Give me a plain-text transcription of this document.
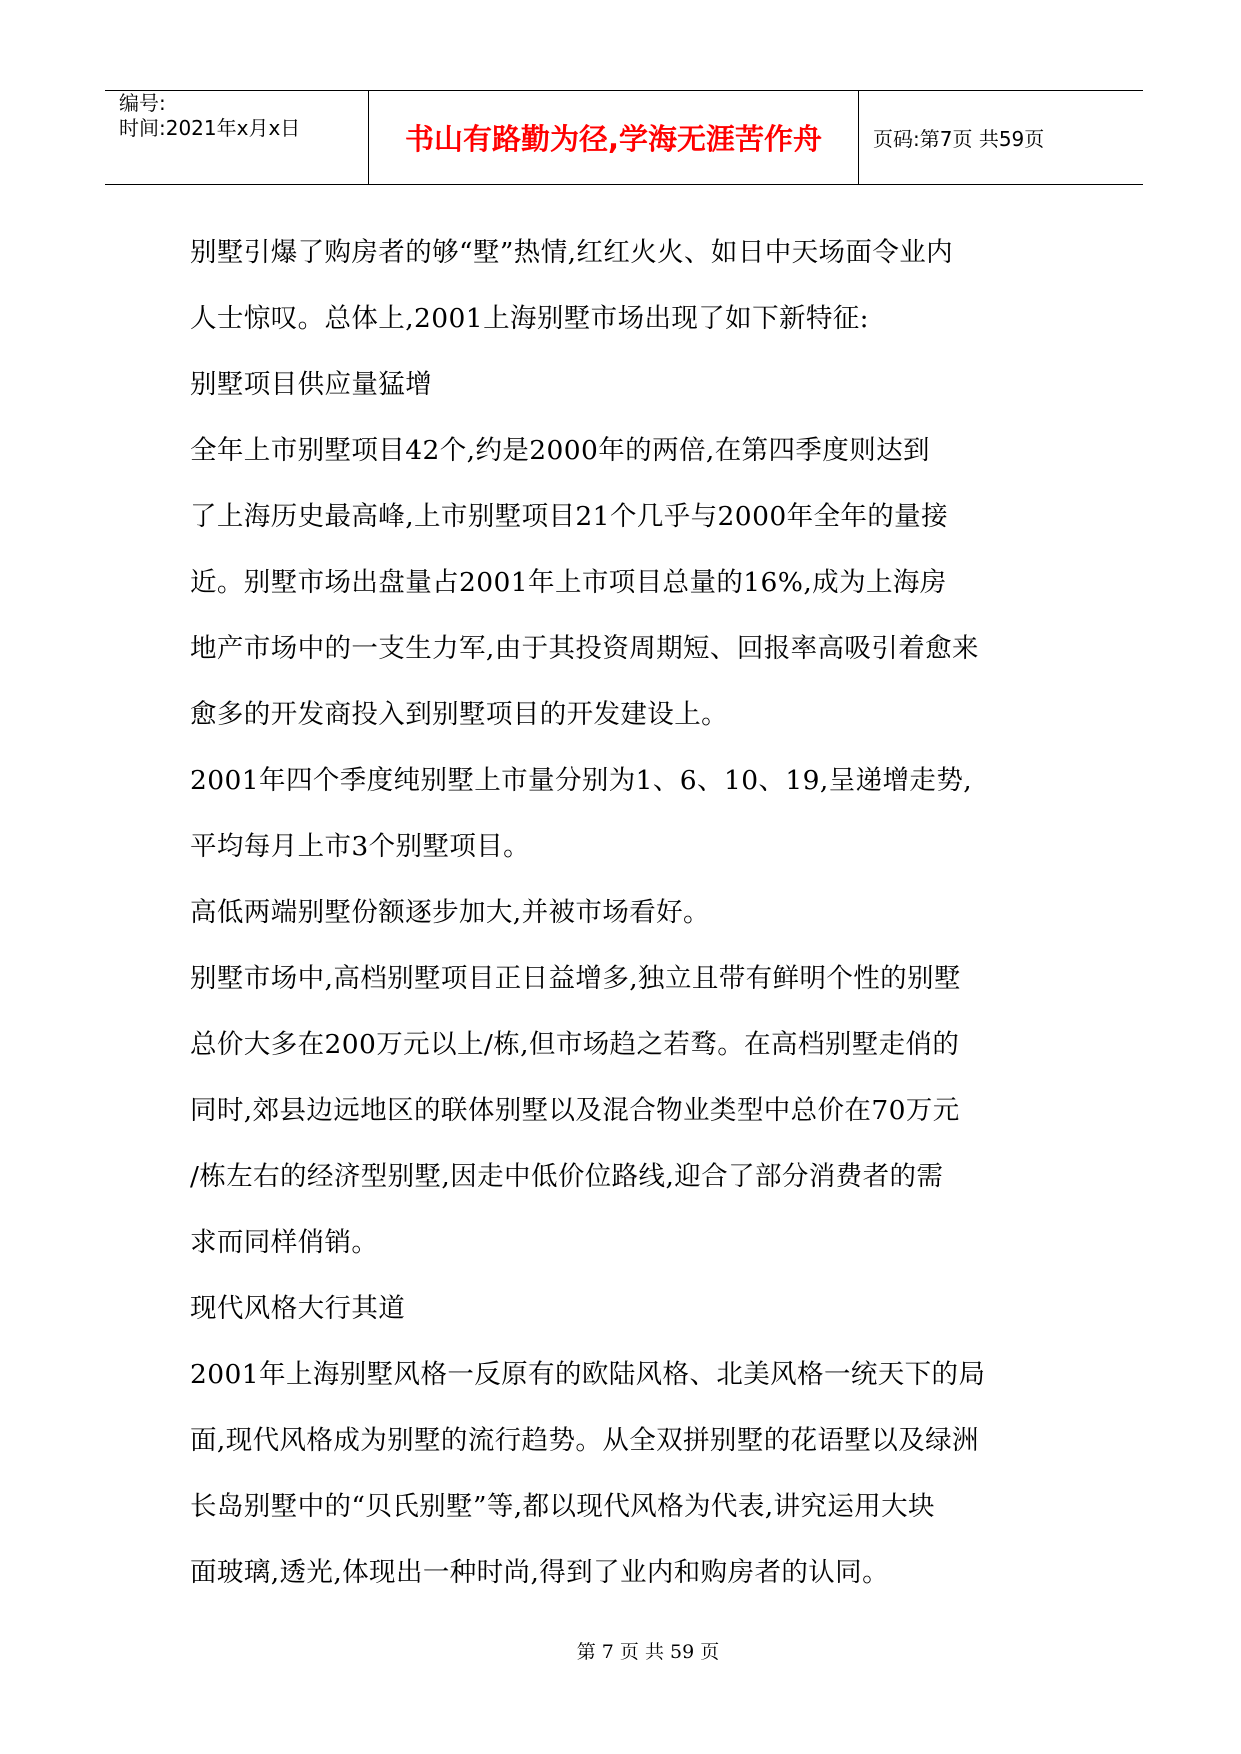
编号:
时间:2021年x月x日	书山有路勤为径,学海无涯苦作舟	页码:第7页 共59页

别墅引爆了购房者的够“墅”热情,红红火火、如日中天场面令业内

人士惊叹。总体上,2001上海别墅市场出现了如下新特征:

别墅项目供应量猛增

全年上市别墅项目42个,约是2000年的两倍,在第四季度则达到

了上海历史最高峰,上市别墅项目21个几乎与2000年全年的量接

近。别墅市场出盘量占2001年上市项目总量的16%,成为上海房

地产市场中的一支生力军,由于其投资周期短、回报率高吸引着愈来

愈多的开发商投入到别墅项目的开发建设上。

2001年四个季度纯别墅上市量分别为1、6、10、19,呈递增走势,

平均每月上市3个别墅项目。

高低两端别墅份额逐步加大,并被市场看好。

别墅市场中,高档别墅项目正日益增多,独立且带有鲜明个性的别墅

总价大多在200万元以上/栋,但市场趋之若骛。在高档别墅走俏的

同时,郊县边远地区的联体别墅以及混合物业类型中总价在70万元

/栋左右的经济型别墅,因走中低价位路线,迎合了部分消费者的需

求而同样俏销。

现代风格大行其道

2001年上海别墅风格一反原有的欧陆风格、北美风格一统天下的局

面,现代风格成为别墅的流行趋势。从全双拼别墅的花语墅以及绿洲

长岛别墅中的“贝氏别墅”等,都以现代风格为代表,讲究运用大块

面玻璃,透光,体现出一种时尚,得到了业内和购房者的认同。

第 7 页 共 59 页
